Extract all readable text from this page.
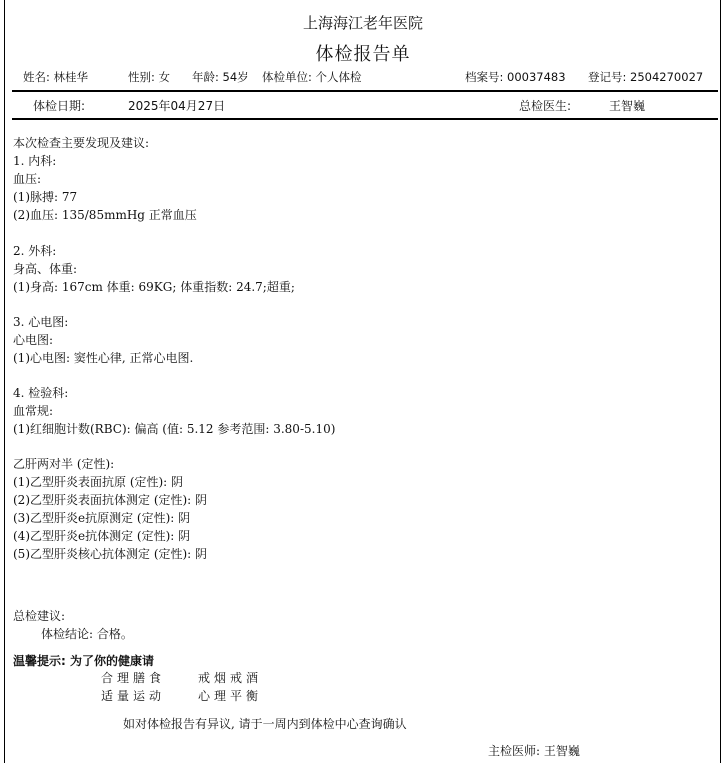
上海海江老年医院
体检报告单
姓名: 林桂华	性别: 女 年龄: 54岁 体检单位: 个人体检	档案号: 00037483 登记号: 2504270027
体检日期:	2025年04月27日	总检医生:	王智巍
本次检查主要发现及建议:
1. 内科:
血压:
(1)脉搏: 77
(2)血压: 135/85mmHg 正常血压
2. 外科:
身高、体重:
(1)身高: 167cm 体重: 69KG; 体重指数: 24.7;超重;
3. 心电图:
心电图:
(1)心电图: 窦性心律, 正常心电图.
4. 检验科:
血常规:
(1)红细胞计数(RBC): 偏高 (值: 5.12 参考范围: 3.80-5.10)
乙肝两对半 (定性):
(1)乙型肝炎表面抗原 (定性): 阴
(2)乙型肝炎表面抗体测定 (定性): 阴
(3)乙型肝炎e抗原测定 (定性): 阴
(4)乙型肝炎e抗体测定 (定性): 阴
(5)乙型肝炎核心抗体测定 (定性): 阴
总检建议:
体检结论: 合格。
温馨提示: 为了你的健康请
合理膳食	戒烟戒酒
适量运动	心理平衡
如对体检报告有异议, 请于一周内到体检中心查询确认
主检医师: 王智巍
